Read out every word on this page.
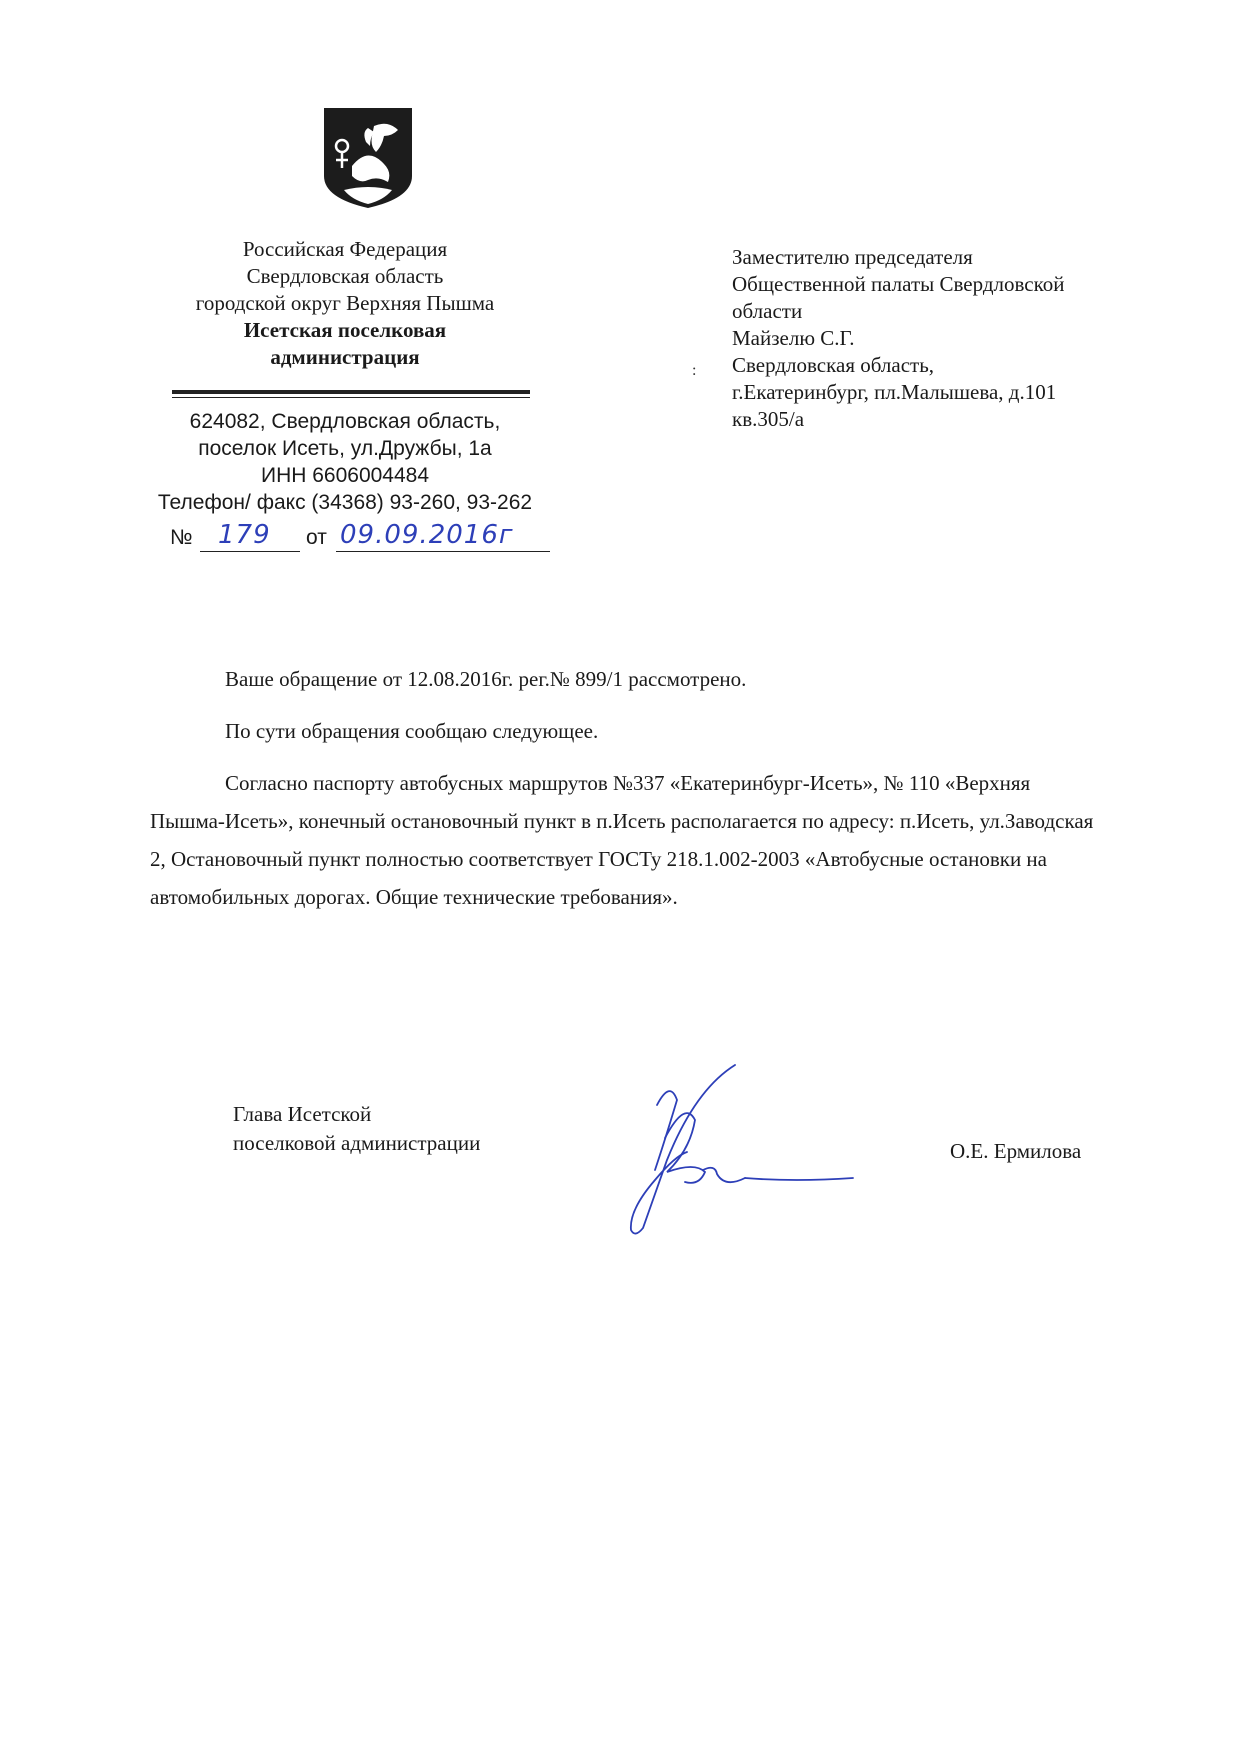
Российская Федерация
Свердловская область
городской округ Верхняя Пышма
Исетская поселковая
администрация
624082, Свердловская область,
поселок Исеть, ул.Дружбы, 1а
ИНН 6606004484
Телефон/ факс (34368) 93-260, 93-262
№ 179 от 09.09.2016г
:
Заместителю председателя
Общественной палаты Свердловской
области
Майзелю С.Г.
Свердловская область,
г.Екатеринбург, пл.Малышева, д.101
кв.305/а

Ваше обращение от 12.08.2016г. рег.№ 899/1 рассмотрено.

По сути обращения сообщаю следующее.

Согласно паспорту автобусных маршрутов №337 «Екатеринбург-Исеть», № 110 «Верхняя Пышма-Исеть», конечный остановочный пункт в п.Исеть располагается по адресу: п.Исеть, ул.Заводская 2, Остановочный пункт полностью соответствует ГОСТу 218.1.002-2003 «Автобусные остановки на автомобильных дорогах. Общие технические требования».

Глава Исетской
поселковой администрации	О.Е. Ермилова
